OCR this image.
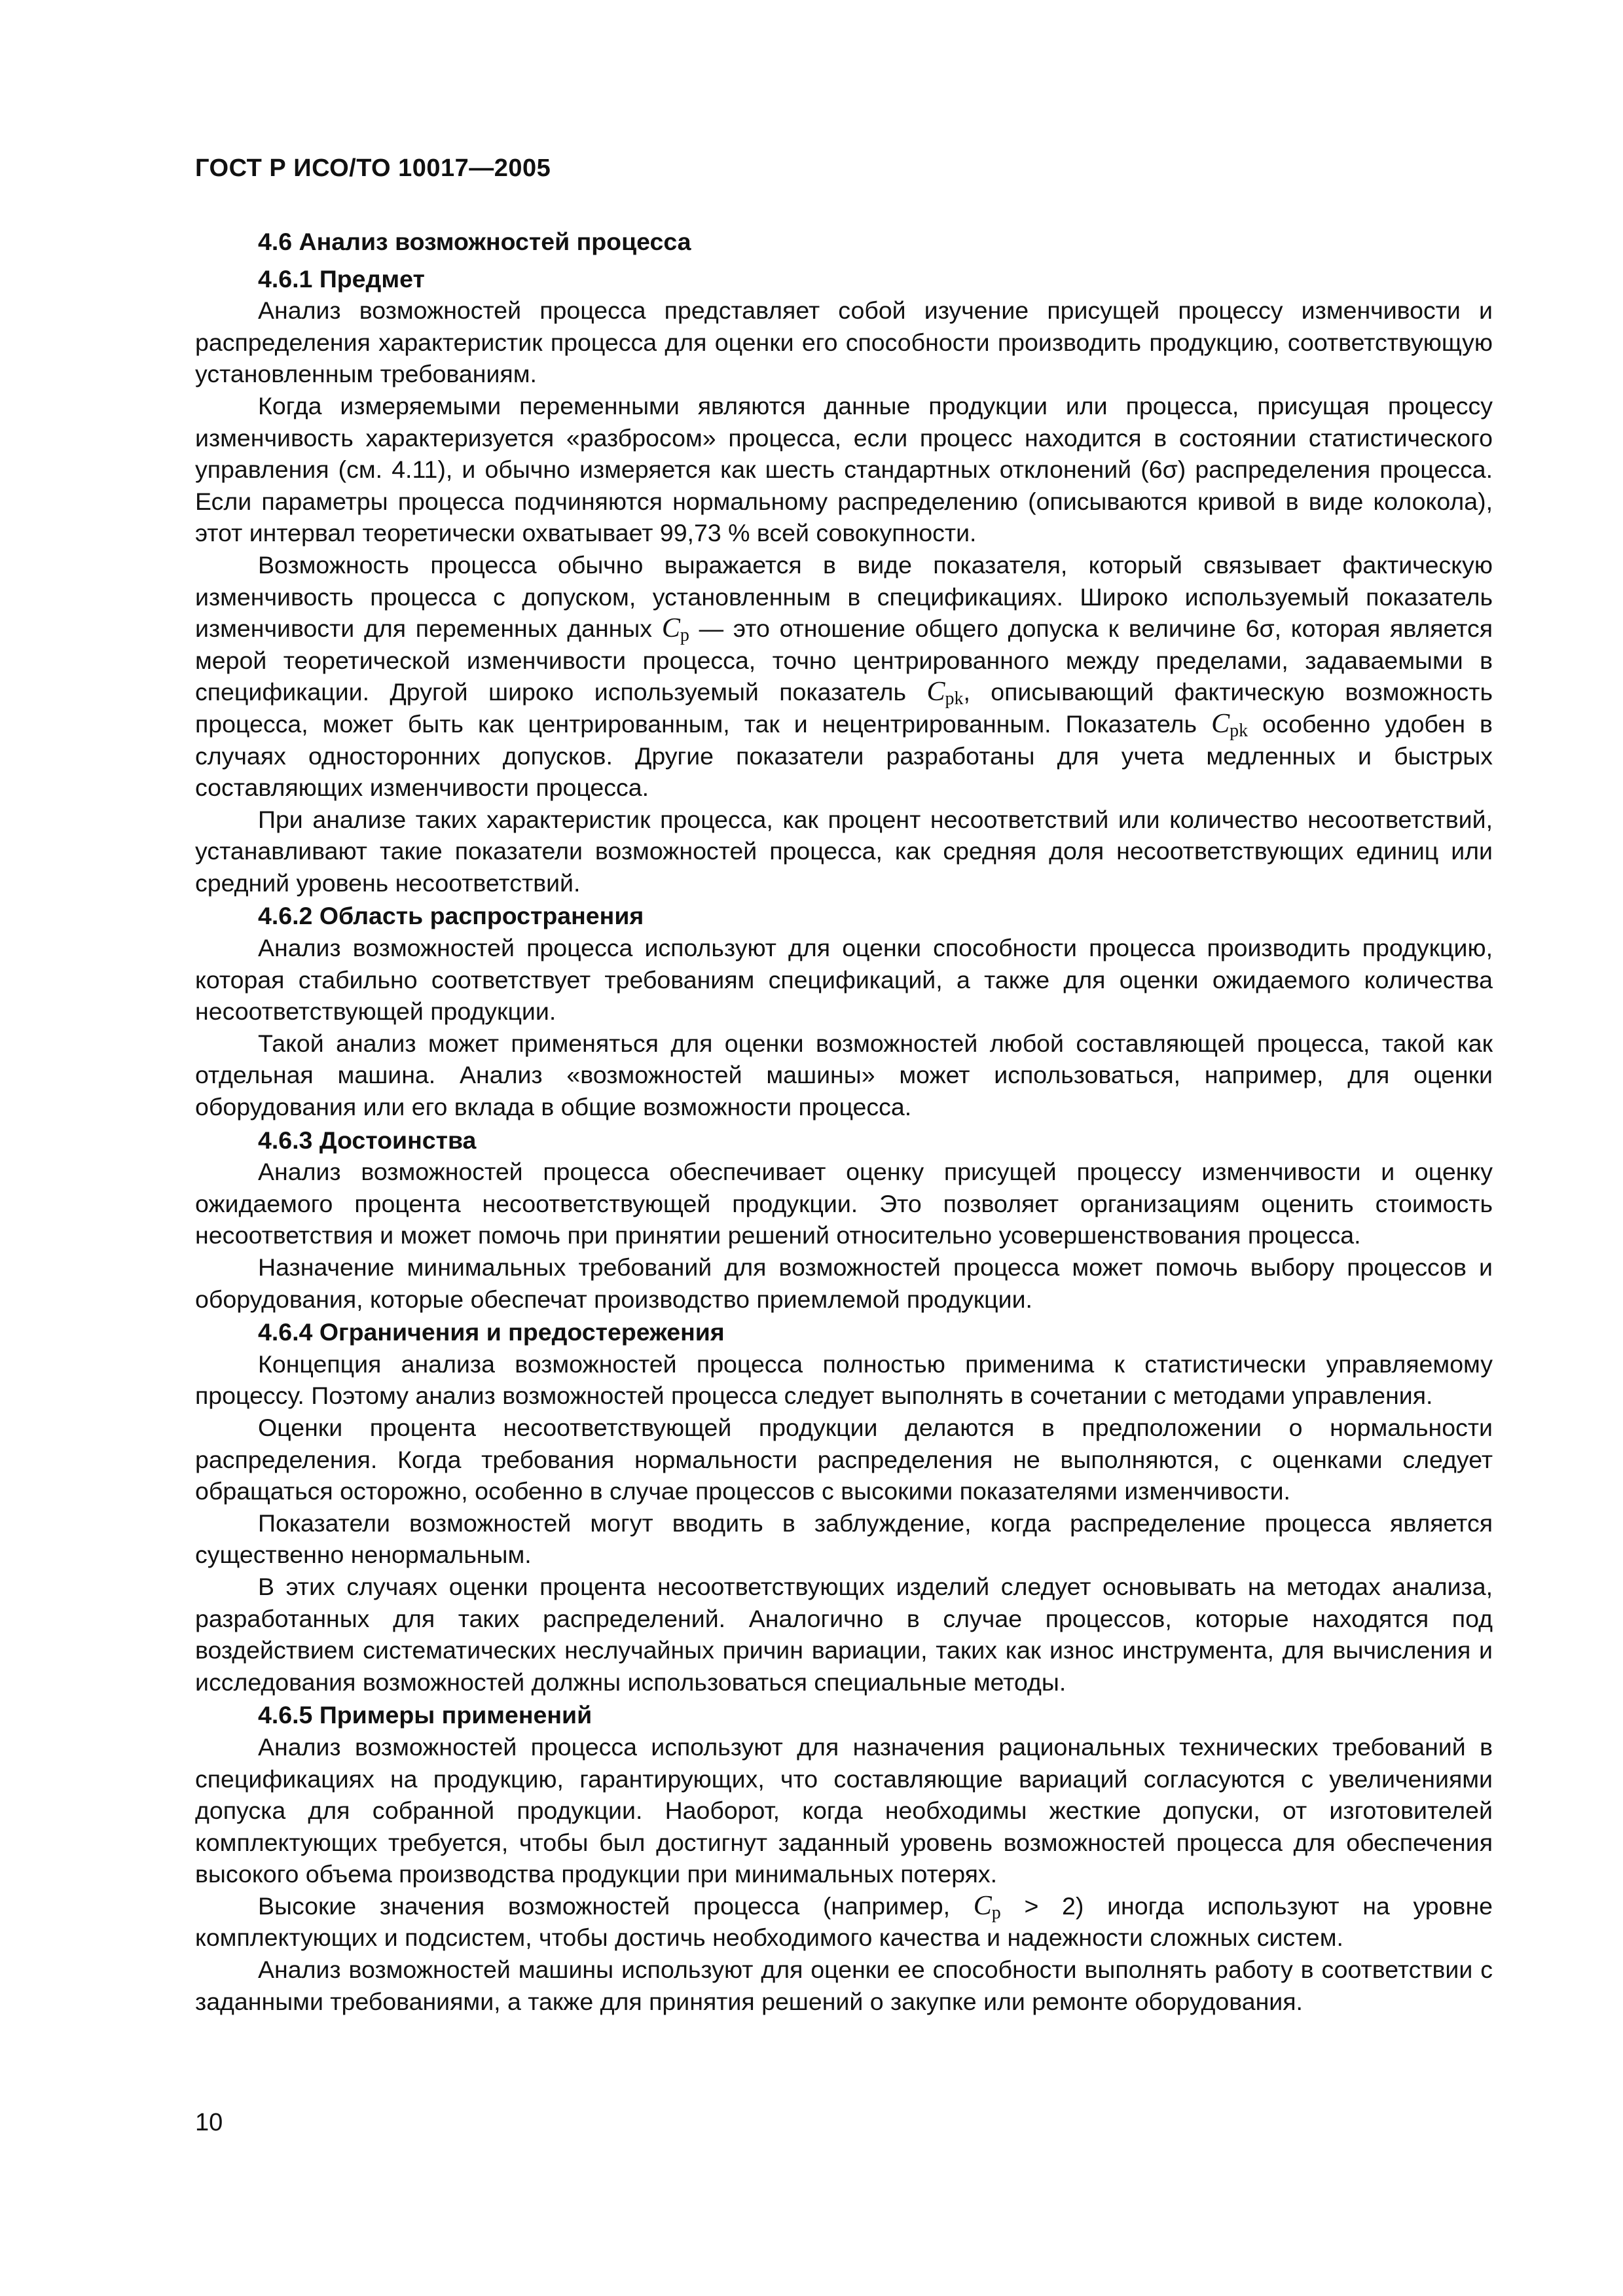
ГОСТ Р ИСО/ТО 10017—2005

4.6 Анализ возможностей процесса
4.6.1 Предмет

Анализ возможностей процесса представляет собой изучение присущей процессу изменчивости и распределения характеристик процесса для оценки его способности производить продукцию, соответствующую установленным требованиям.

Когда измеряемыми переменными являются данные продукции или процесса, присущая процессу изменчивость характеризуется «разбросом» процесса, если процесс находится в состоянии статистического управления (см. 4.11), и обычно измеряется как шесть стандартных отклонений (6σ) распределения процесса. Если параметры процесса подчиняются нормальному распределению (описываются кривой в виде колокола), этот интервал теоретически охватывает 99,73 % всей совокупности.

Возможность процесса обычно выражается в виде показателя, который связывает фактическую изменчивость процесса с допуском, установленным в спецификациях. Широко используемый показатель изменчивости для переменных данных $C_p$ — это отношение общего допуска к величине 6σ, которая является мерой теоретической изменчивости процесса, точно центрированного между пределами, задаваемыми в спецификации. Другой широко используемый показатель $C_{pk}$, описывающий фактическую возможность процесса, может быть как центрированным, так и нецентрированным. Показатель $C_{pk}$ особенно удобен в случаях односторонних допусков. Другие показатели разработаны для учета медленных и быстрых составляющих изменчивости процесса.

При анализе таких характеристик процесса, как процент несоответствий или количество несоответствий, устанавливают такие показатели возможностей процесса, как средняя доля несоответствующих единиц или средний уровень несоответствий.

4.6.2 Область распространения

Анализ возможностей процесса используют для оценки способности процесса производить продукцию, которая стабильно соответствует требованиям спецификаций, а также для оценки ожидаемого количества несоответствующей продукции.

Такой анализ может применяться для оценки возможностей любой составляющей процесса, такой как отдельная машина. Анализ «возможностей машины» может использоваться, например, для оценки оборудования или его вклада в общие возможности процесса.

4.6.3 Достоинства

Анализ возможностей процесса обеспечивает оценку присущей процессу изменчивости и оценку ожидаемого процента несоответствующей продукции. Это позволяет организациям оценить стоимость несоответствия и может помочь при принятии решений относительно усовершенствования процесса.

Назначение минимальных требований для возможностей процесса может помочь выбору процессов и оборудования, которые обеспечат производство приемлемой продукции.

4.6.4 Ограничения и предостережения

Концепция анализа возможностей процесса полностью применима к статистически управляемому процессу. Поэтому анализ возможностей процесса следует выполнять в сочетании с методами управления.

Оценки процента несоответствующей продукции делаются в предположении о нормальности распределения. Когда требования нормальности распределения не выполняются, с оценками следует обращаться осторожно, особенно в случае процессов с высокими показателями изменчивости.

Показатели возможностей могут вводить в заблуждение, когда распределение процесса является существенно ненормальным.

В этих случаях оценки процента несоответствующих изделий следует основывать на методах анализа, разработанных для таких распределений. Аналогично в случае процессов, которые находятся под воздействием систематических неслучайных причин вариации, таких как износ инструмента, для вычисления и исследования возможностей должны использоваться специальные методы.

4.6.5 Примеры применений

Анализ возможностей процесса используют для назначения рациональных технических требований в спецификациях на продукцию, гарантирующих, что составляющие вариаций согласуются с увеличениями допуска для собранной продукции. Наоборот, когда необходимы жесткие допуски, от изготовителей комплектующих требуется, чтобы был достигнут заданный уровень возможностей процесса для обеспечения высокого объема производства продукции при минимальных потерях.

Высокие значения возможностей процесса (например, $C_p > 2$) иногда используют на уровне комплектующих и подсистем, чтобы достичь необходимого качества и надежности сложных систем.

Анализ возможностей машины используют для оценки ее способности выполнять работу в соответствии с заданными требованиями, а также для принятия решений о закупке или ремонте оборудования.

10
